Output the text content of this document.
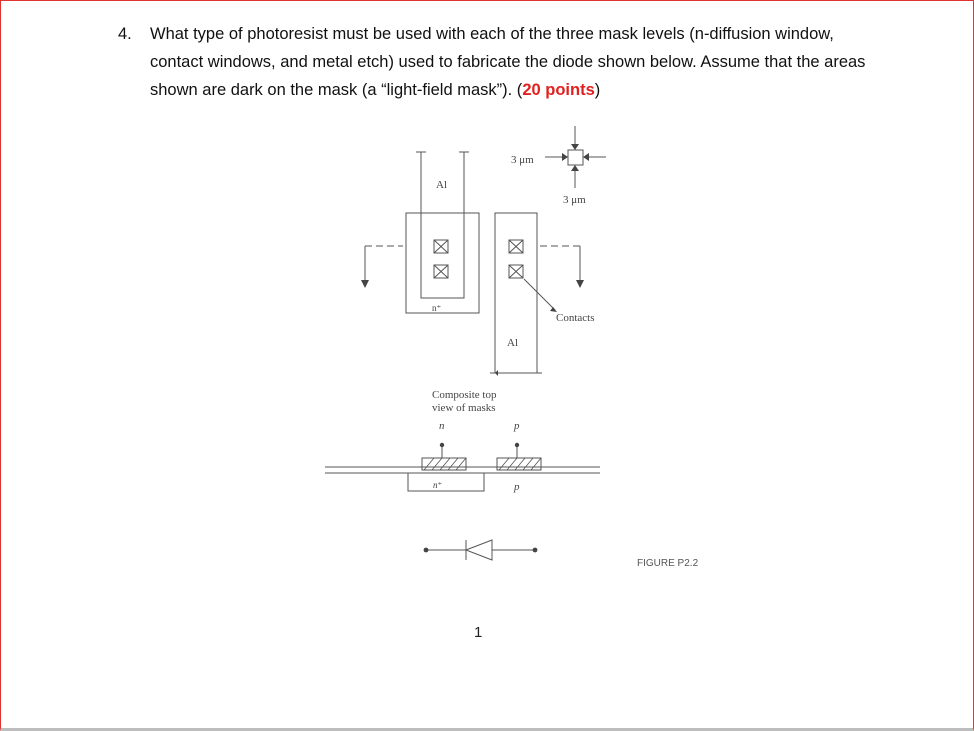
4. What type of photoresist must be used with each of the three mask levels (n-diffusion window, contact windows, and metal etch) used to fabricate the diode shown below. Assume that the areas shown are dark on the mask (a “light-field mask”). (20 points)
3 μm
3 μm
Al
Al
n⁺
Contacts
Composite top
view of masks
n	p
n⁺	p
FIGURE P2.2
1
